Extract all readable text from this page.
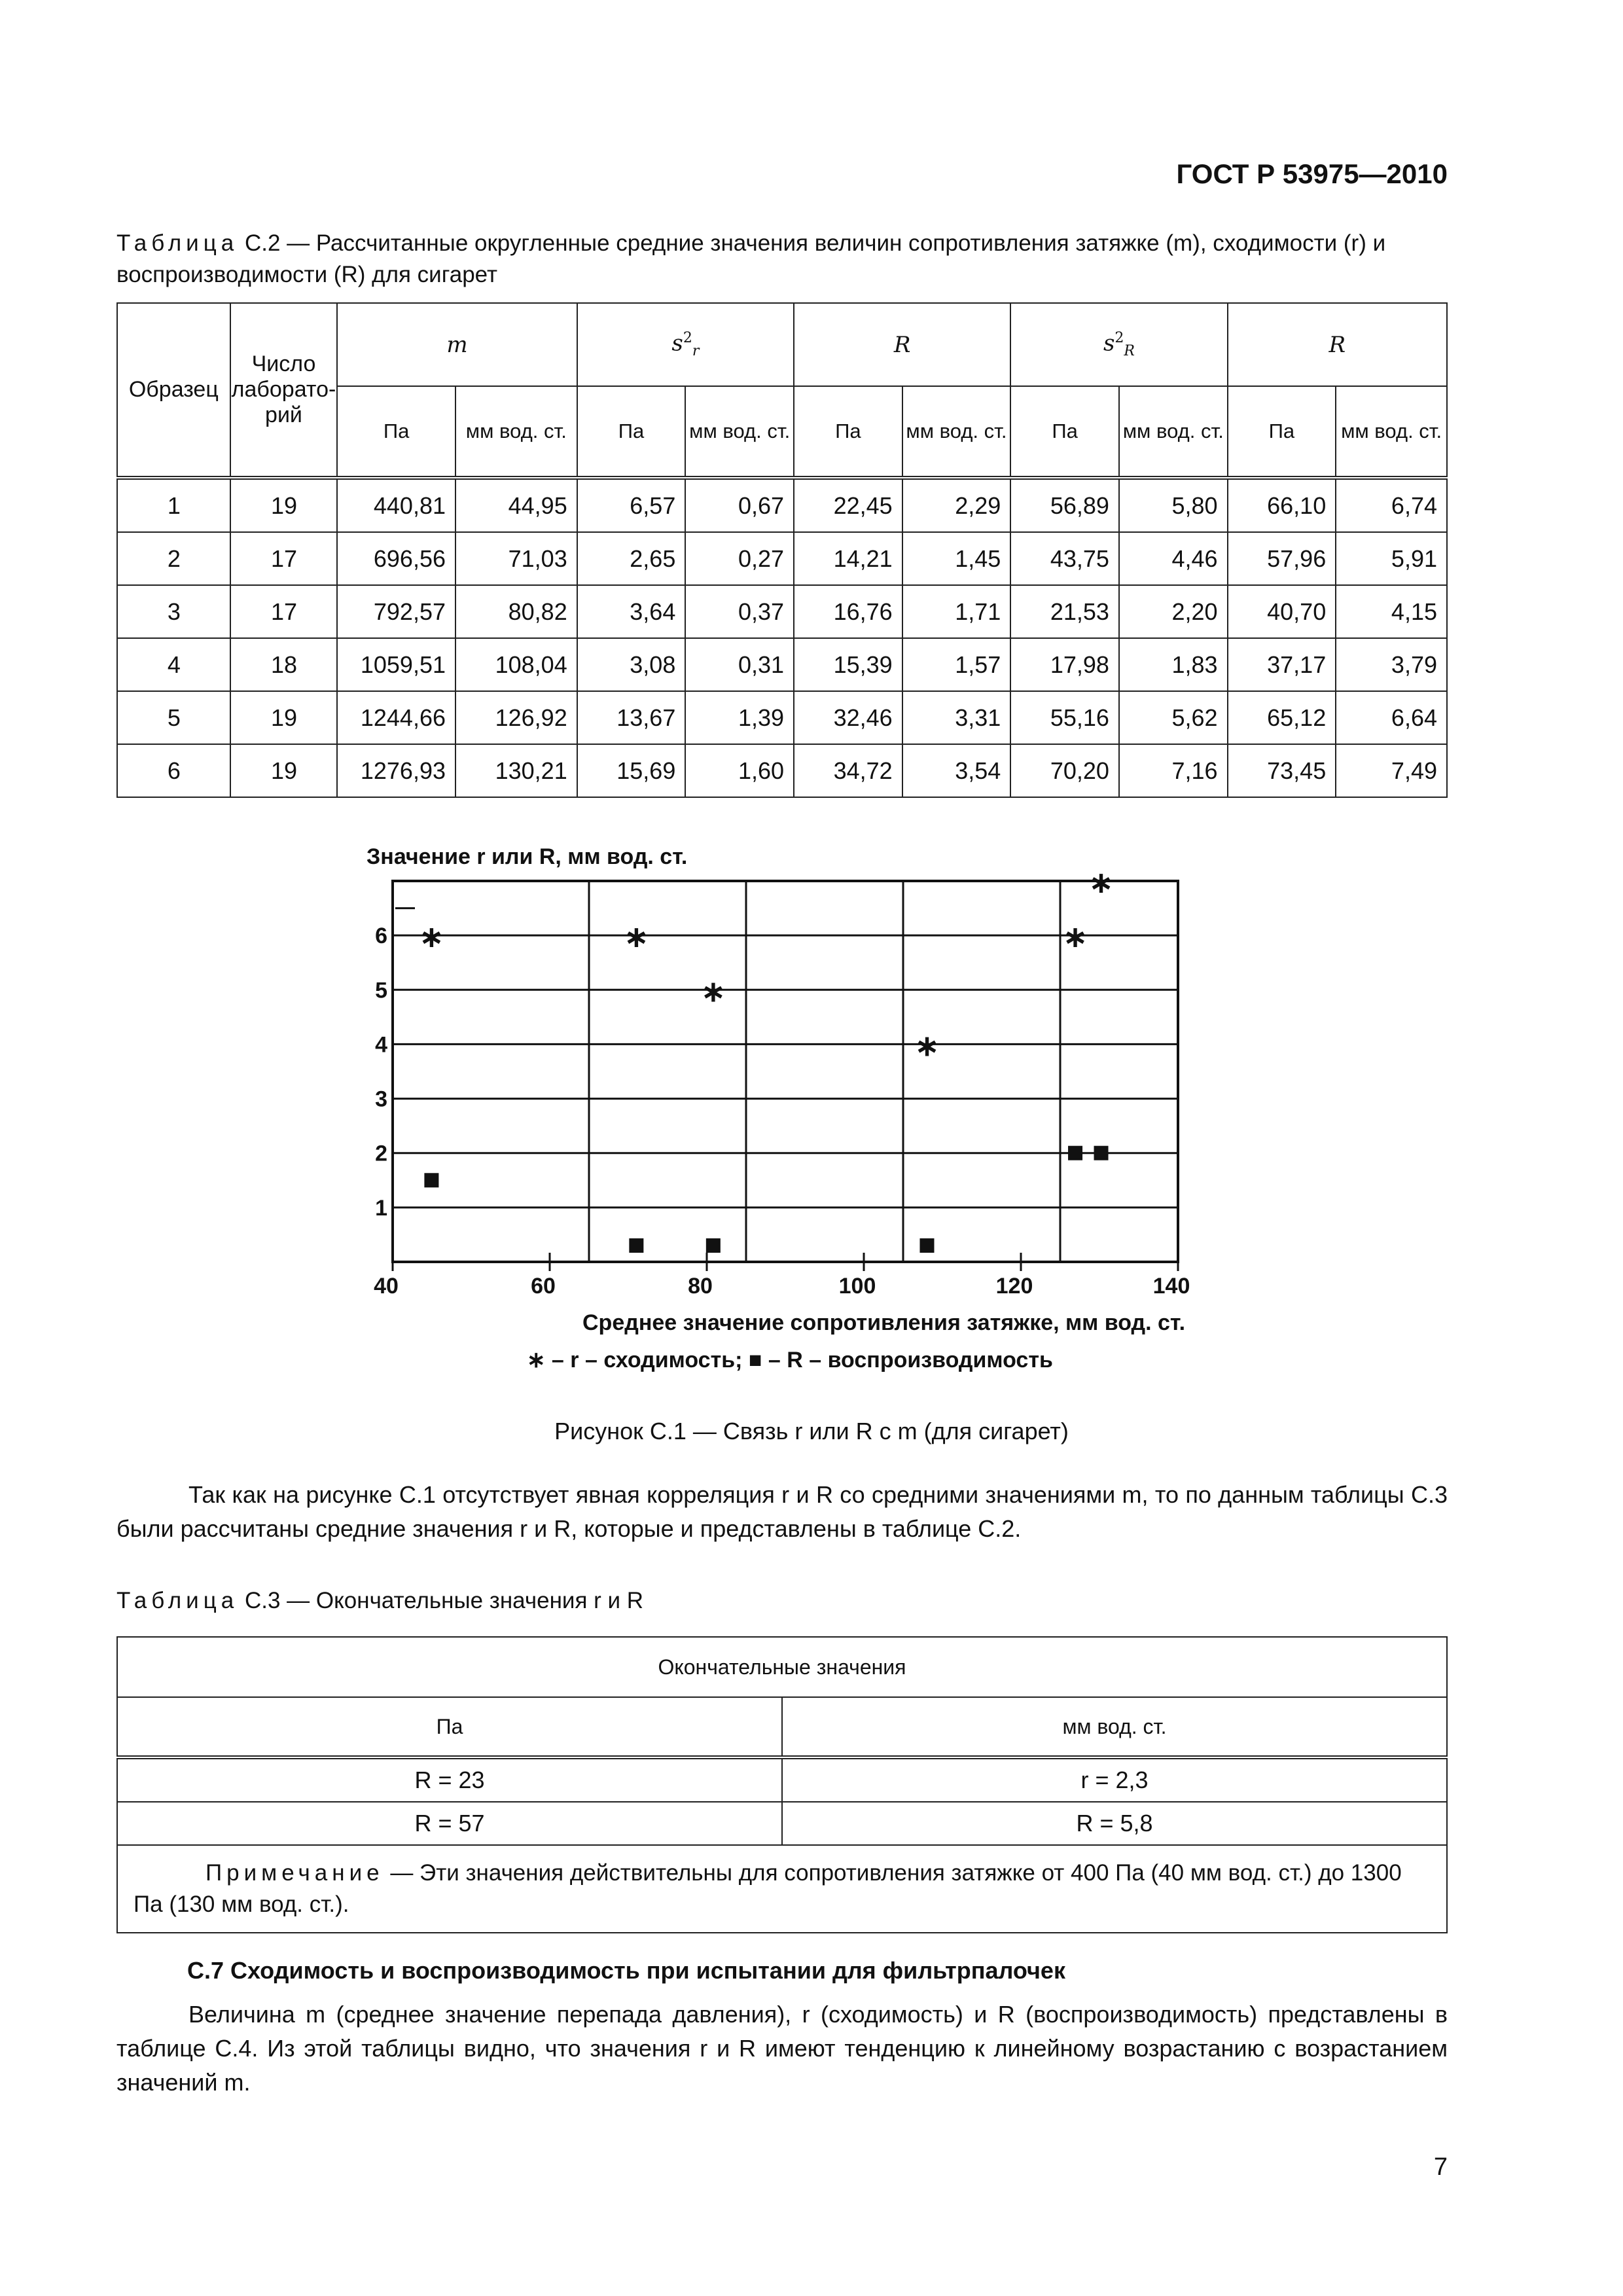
ГОСТ Р 53975—2010
Таблица С.2 — Рассчитанные округленные средние значения величин сопротивления затяжке (m), сходимости (r) и воспроизводимости (R) для сигарет
Образец	Число лабораторий	m		$s^2_r$		R		$s^2_R$		R	
		Па	мм вод. ст.	Па	мм вод. ст.	Па	мм вод. ст.	Па	мм вод. ст.	Па	мм вод. ст.
1	19	440,81	44,95	6,57	0,67	22,45	2,29	56,89	5,80	66,10	6,74
2	17	696,56	71,03	2,65	0,27	14,21	1,45	43,75	4,46	57,96	5,91
3	17	792,57	80,82	3,64	0,37	16,76	1,71	21,53	2,20	40,70	4,15
4	18	1059,51	108,04	3,08	0,31	15,39	1,57	17,98	1,83	37,17	3,79
5	19	1244,66	126,92	13,67	1,39	32,46	3,31	55,16	5,62	65,12	6,64
6	19	1276,93	130,21	15,69	1,60	34,72	3,54	70,20	7,16	73,45	7,49
Значение r или R, мм вод. ст.
40	60	80	100	120	140
1
2
3
4
5
6 ∗	∗
∗
∗
∗
∗
Среднее значение сопротивления затяжке, мм вод. ст.
∗ – r – сходимость; ■ – R – воспроизводимость
Рисунок С.1 — Связь r или R с m (для сигарет)
Так как на рисунке С.1 отсутствует явная корреляция r и R со средними значениями m, то по данным таблицы С.3 были рассчитаны средние значения r и R, которые и представлены в таблице С.2.
Таблица С.3 — Окончательные значения r и R
Окончательные значения	
Па	мм вод. ст.
R = 23	r = 2,3
R = 57	R = 5,8
Примечание — Эти значения действительны для сопротивления затяжке от 400 Па (40 мм вод. ст.) до 1300 Па (130 мм вод. ст.).	
С.7 Сходимость и воспроизводимость при испытании для фильтрпалочек
Величина m (среднее значение перепада давления), r (сходимость) и R (воспроизводимость) представлены в таблице С.4. Из этой таблицы видно, что значения r и R имеют тенденцию к линейному возрастанию с возрастанием значений m.
7
